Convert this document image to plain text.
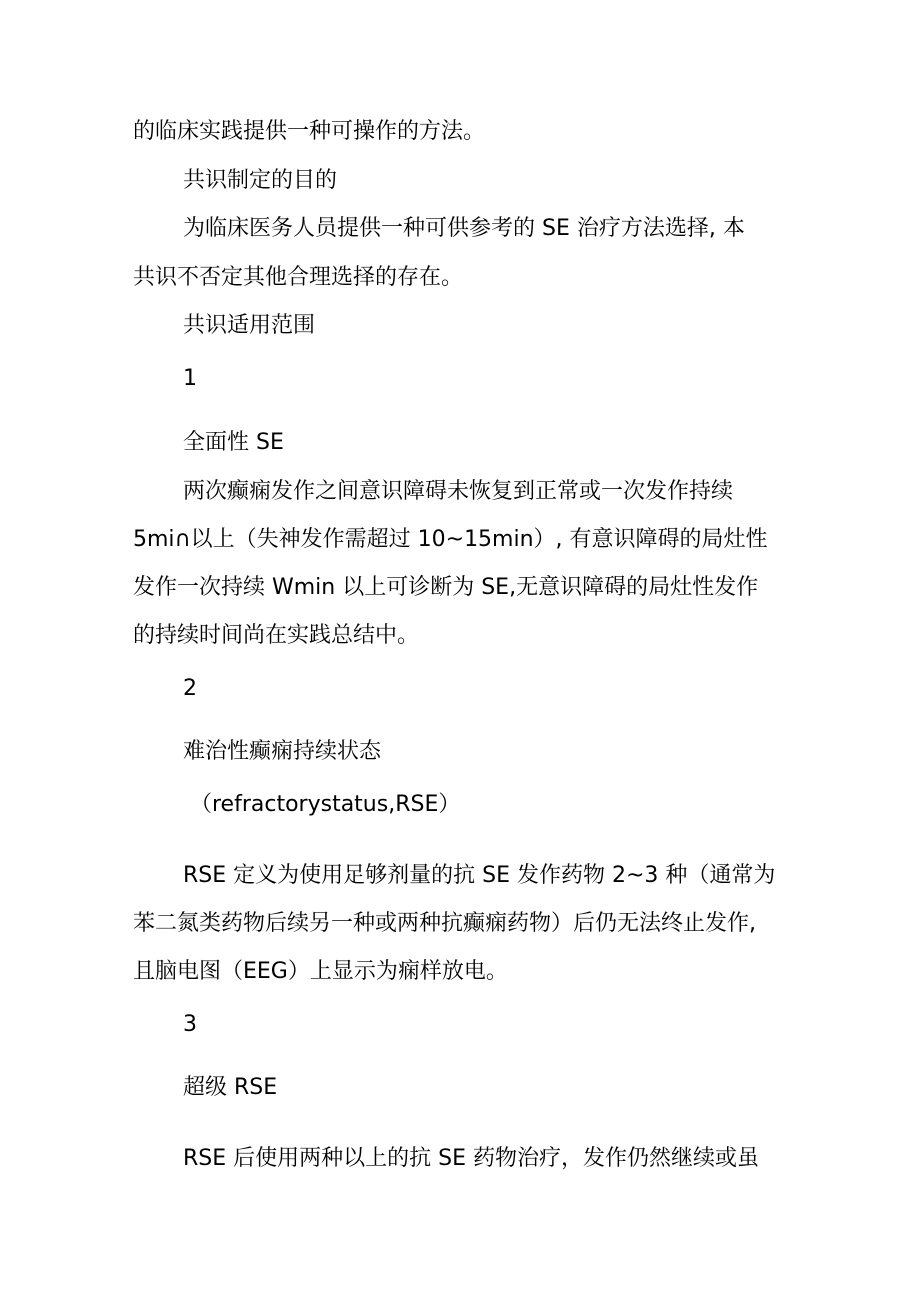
的临床实践提供一种可操作的方法。
共识制定的目的
为临床医务人员提供一种可供参考的 SE 治疗方法选择, 本
共识不否定其他合理选择的存在。
共识适用范围
1
全面性 SE
两次癫痫发作之间意识障碍未恢复到正常或一次发作持续
5mi∩以上（失神发作需超过 10~15min）, 有意识障碍的局灶性
发作一次持续 Wmin 以上可诊断为 SE,无意识障碍的局灶性发作
的持续时间尚在实践总结中。
2
难治性癫痫持续状态
（refractorystatus,RSE）
RSE 定义为使用足够剂量的抗 SE 发作药物 2~3 种（通常为
苯二氮类药物后续另一种或两种抗癫痫药物）后仍无法终止发作,
且脑电图（EEG）上显示为痫样放电。
3
超级 RSE
RSE 后使用两种以上的抗 SE 药物治疗，发作仍然继续或虽
